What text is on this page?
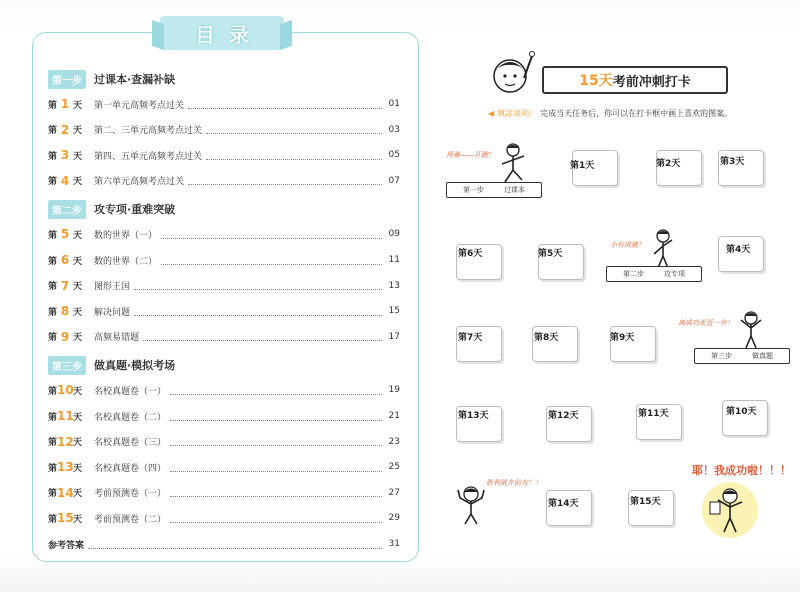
目录
第一步	过课本·查漏补缺
第 1 天 第一单元高频考点过关	01
第 2 天 第二、三单元高频考点过关	03
第 3 天 第四、五单元高频考点过关	05
第 4 天 第六单元高频考点过关	07
第二步	攻专项·重难突破
第 5 天 数的世界（一）	09
第 6 天 数的世界（二）	11
第 7 天 图形王国	13
第 8 天 解决问题	15
第 9 天 高频易错题	17
第三步	做真题·模拟考场
第 10 天 名校真题卷（一）	19
第 11 天 名校真题卷（二）	21
第 12 天 名校真题卷（三）	23
第 13 天 名校真题卷（四）	25
第 14 天 考前预测卷（一）	27
第 15 天 考前预测卷（二）	29
参考答案	31
15天 考前冲刺打卡
◀ 填涂说明： 完成当天任务后，你可以在打卡框中画上喜欢的图案。
预备——开跑！
第一步	过课本
小有成就！
第二步	攻专项
离成功更近一步！
第三步	做真题
胜利就在前方！！
耶！我成功啦！！！
第1天	第2天	第3天
第4天
第5天
第6天
第7天	第8天	第9天
第10天
第11天
第12天
第13天
第14天	第15天
